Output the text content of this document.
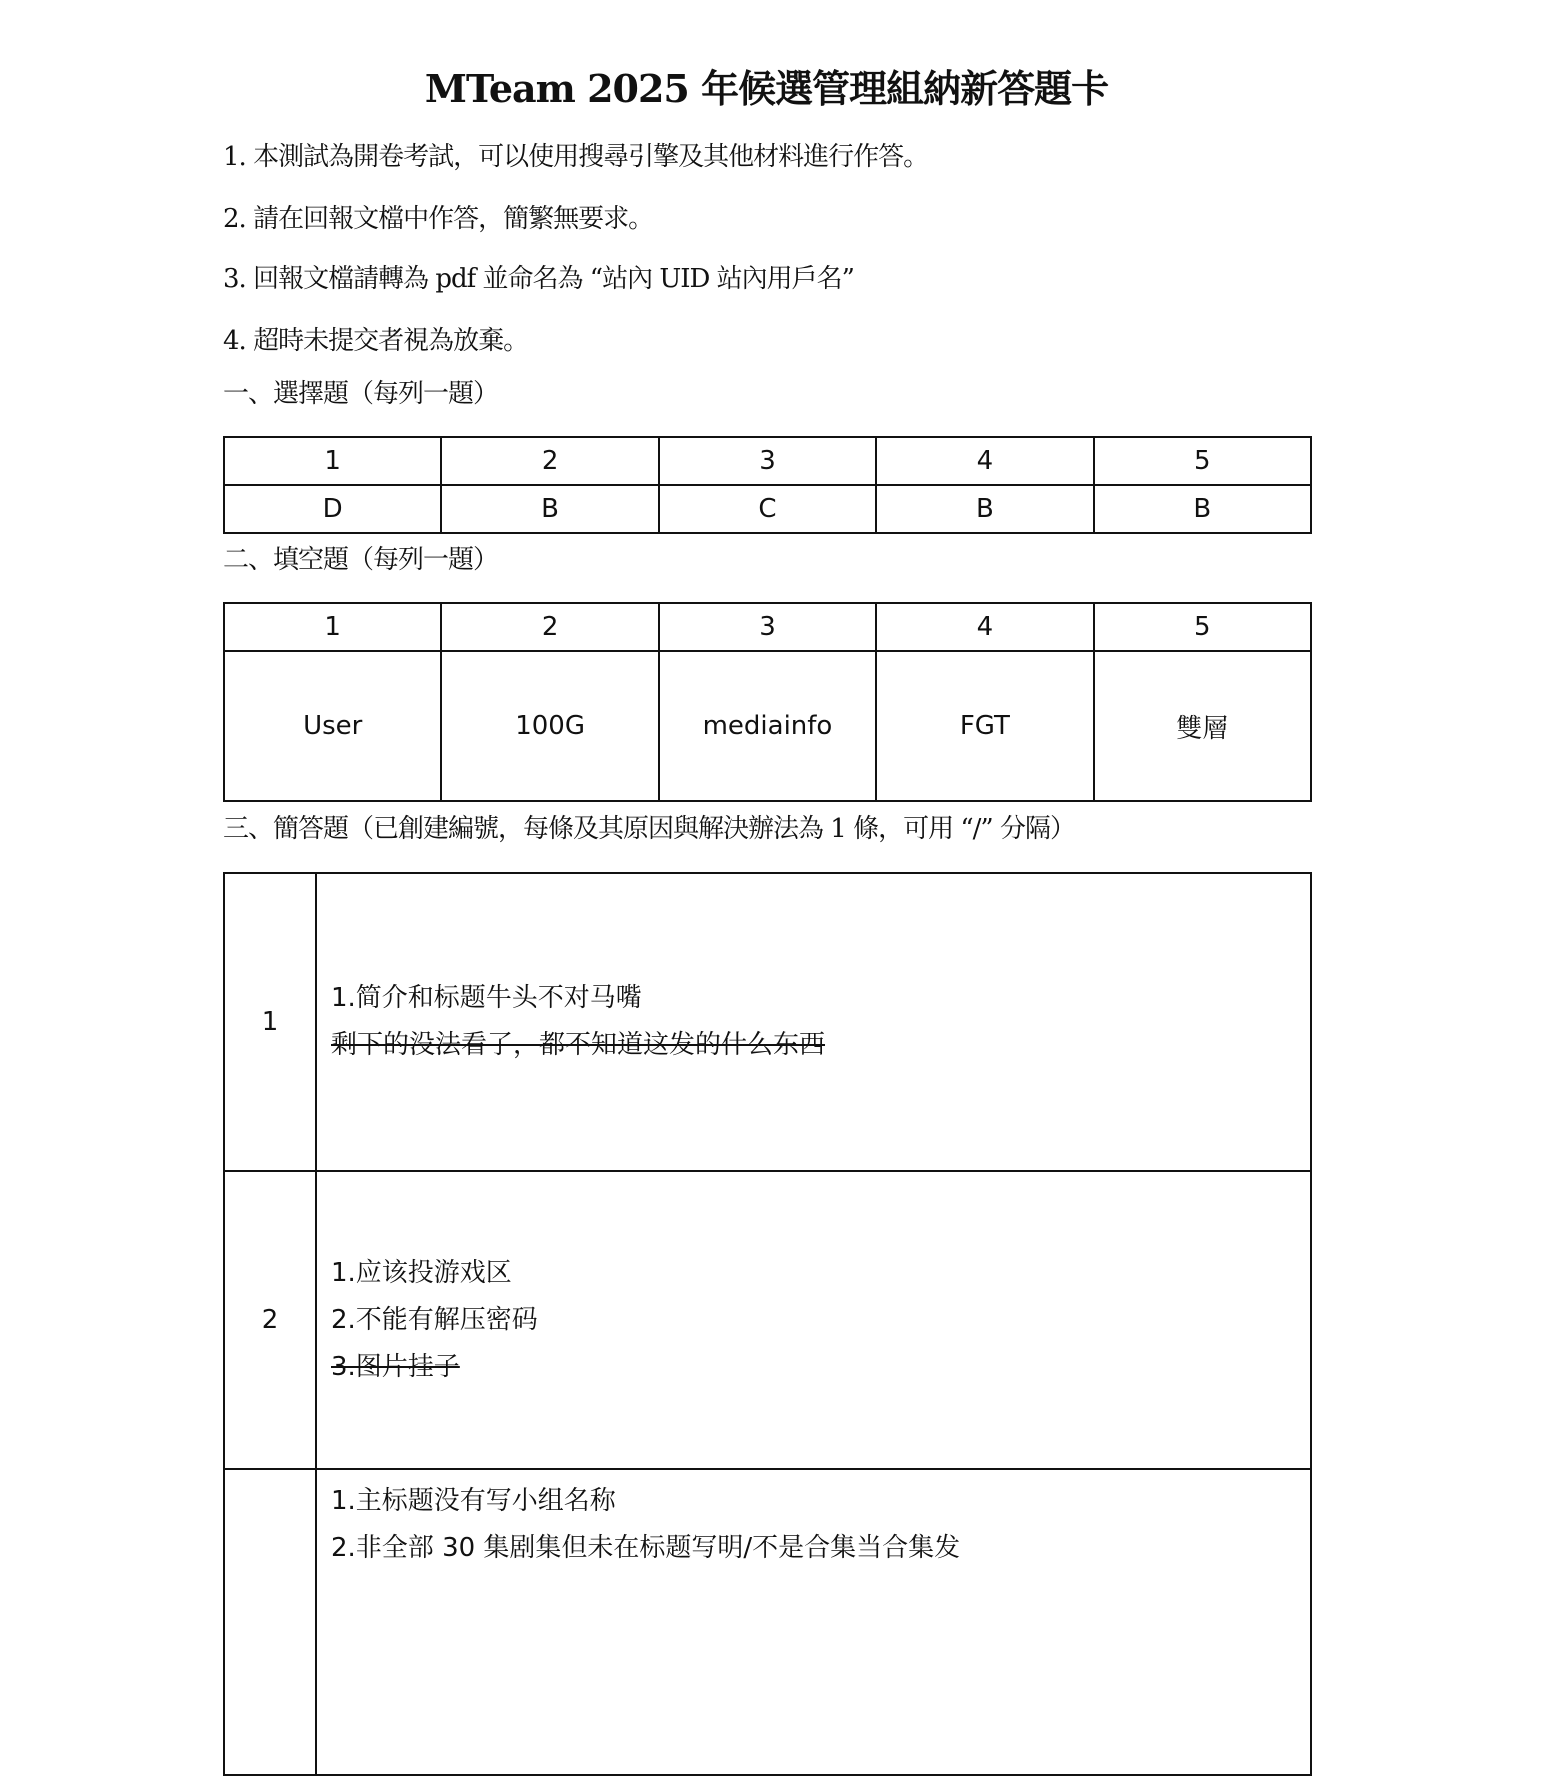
MTeam 2025 年候選管理組納新答題卡
1. 本測試為開卷考試，可以使用搜尋引擎及其他材料進行作答。
2. 請在回報文檔中作答，簡繁無要求。
3. 回報文檔請轉為 pdf 並命名為 “站內 UID 站內用戶名”
4. 超時未提交者視為放棄。
一、選擇題（每列一題）
1	2	3	4	5
D	B	C	B	B
二、填空題（每列一題）
1	2	3	4	5
User	100G	mediainfo	FGT	雙層
三、簡答題（已創建編號，每條及其原因與解決辦法為 1 條，可用 “/” 分隔）
1	1.简介和标题牛头不对马嘴
剩下的没法看了，都不知道这发的什么东西

2	1.应该投游戏区
2.不能有解压密码
3.图片挂子

	1.主标题没有写小组名称
2.非全部 30 集剧集但未在标题写明/不是合集当合集发
